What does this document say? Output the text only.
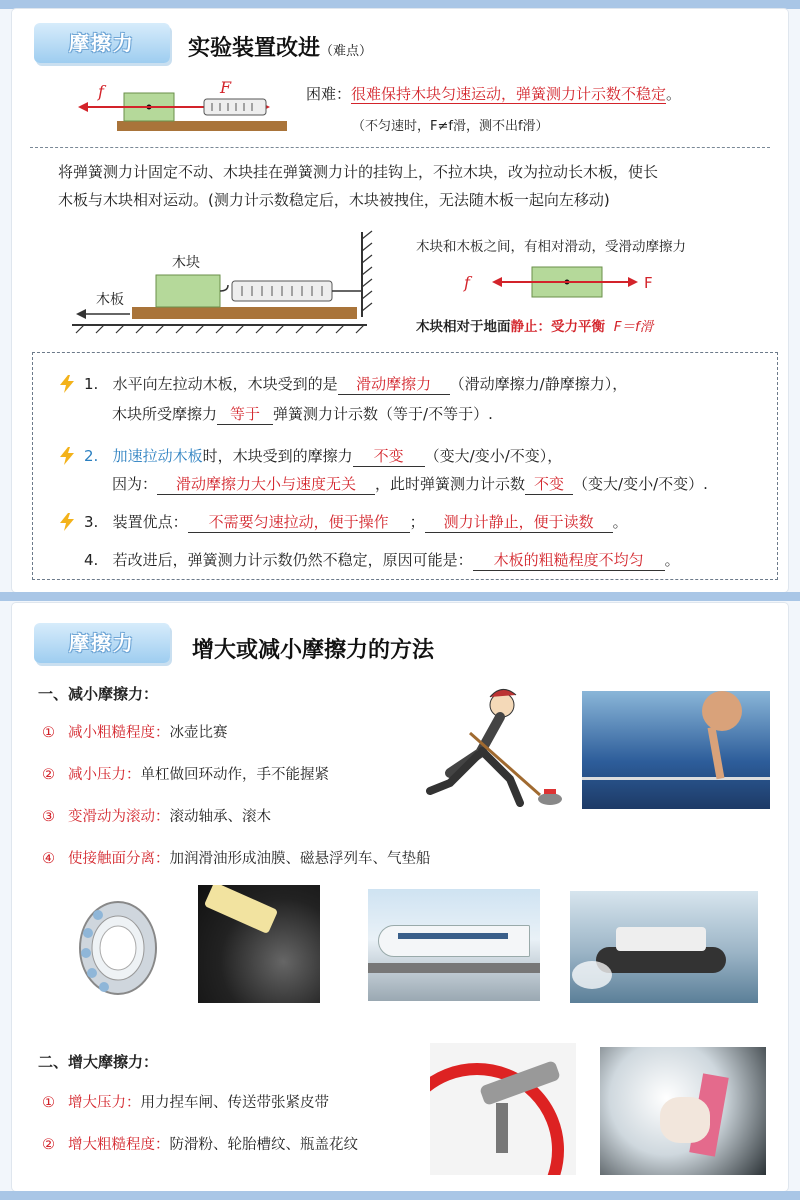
摩擦力	实验装置改进（难点）
f	F	困难：很难保持木块匀速运动，弹簧测力计示数不稳定。
（不匀速时，F≠f滑，测不出f滑）
将弹簧测力计固定不动、木块挂在弹簧测力计的挂钩上，不拉木块，改为拉动长木板，使长
木板与木块相对运动。(测力计示数稳定后，木块被拽住，无法随木板一起向左移动)
木块
木板
木块和木板之间，有相对滑动，受滑动摩擦力
f	F
木块相对于地面静止：受力平衡 F＝f滑
1. 水平向左拉动木板，木块受到的是 滑动摩擦力 （滑动摩擦力/静摩擦力），
木块所受摩擦力 等于 弹簧测力计示数（等于/不等于）.
2. 加速拉动木板时，木块受到的摩擦力 不变 （变大/变小/不变），
因为： 滑动摩擦力大小与速度无关 ，此时弹簧测力计示数 不变 （变大/变小/不变）.
3. 装置优点： 不需要匀速拉动，便于操作 ； 测力计静止，便于读数 。
4. 若改进后，弹簧测力计示数仍然不稳定，原因可能是： 木板的粗糙程度不均匀 。
摩擦力	增大或减小摩擦力的方法
一、减小摩擦力：
① 减小粗糙程度：冰壶比赛
② 减小压力：单杠做回环动作，手不能握紧
③ 变滑动为滚动：滚动轴承、滚木
④ 使接触面分离：加润滑油形成油膜、磁悬浮列车、气垫船
二、增大摩擦力：
① 增大压力：用力捏车闸、传送带张紧皮带
② 增大粗糙程度：防滑粉、轮胎槽纹、瓶盖花纹
